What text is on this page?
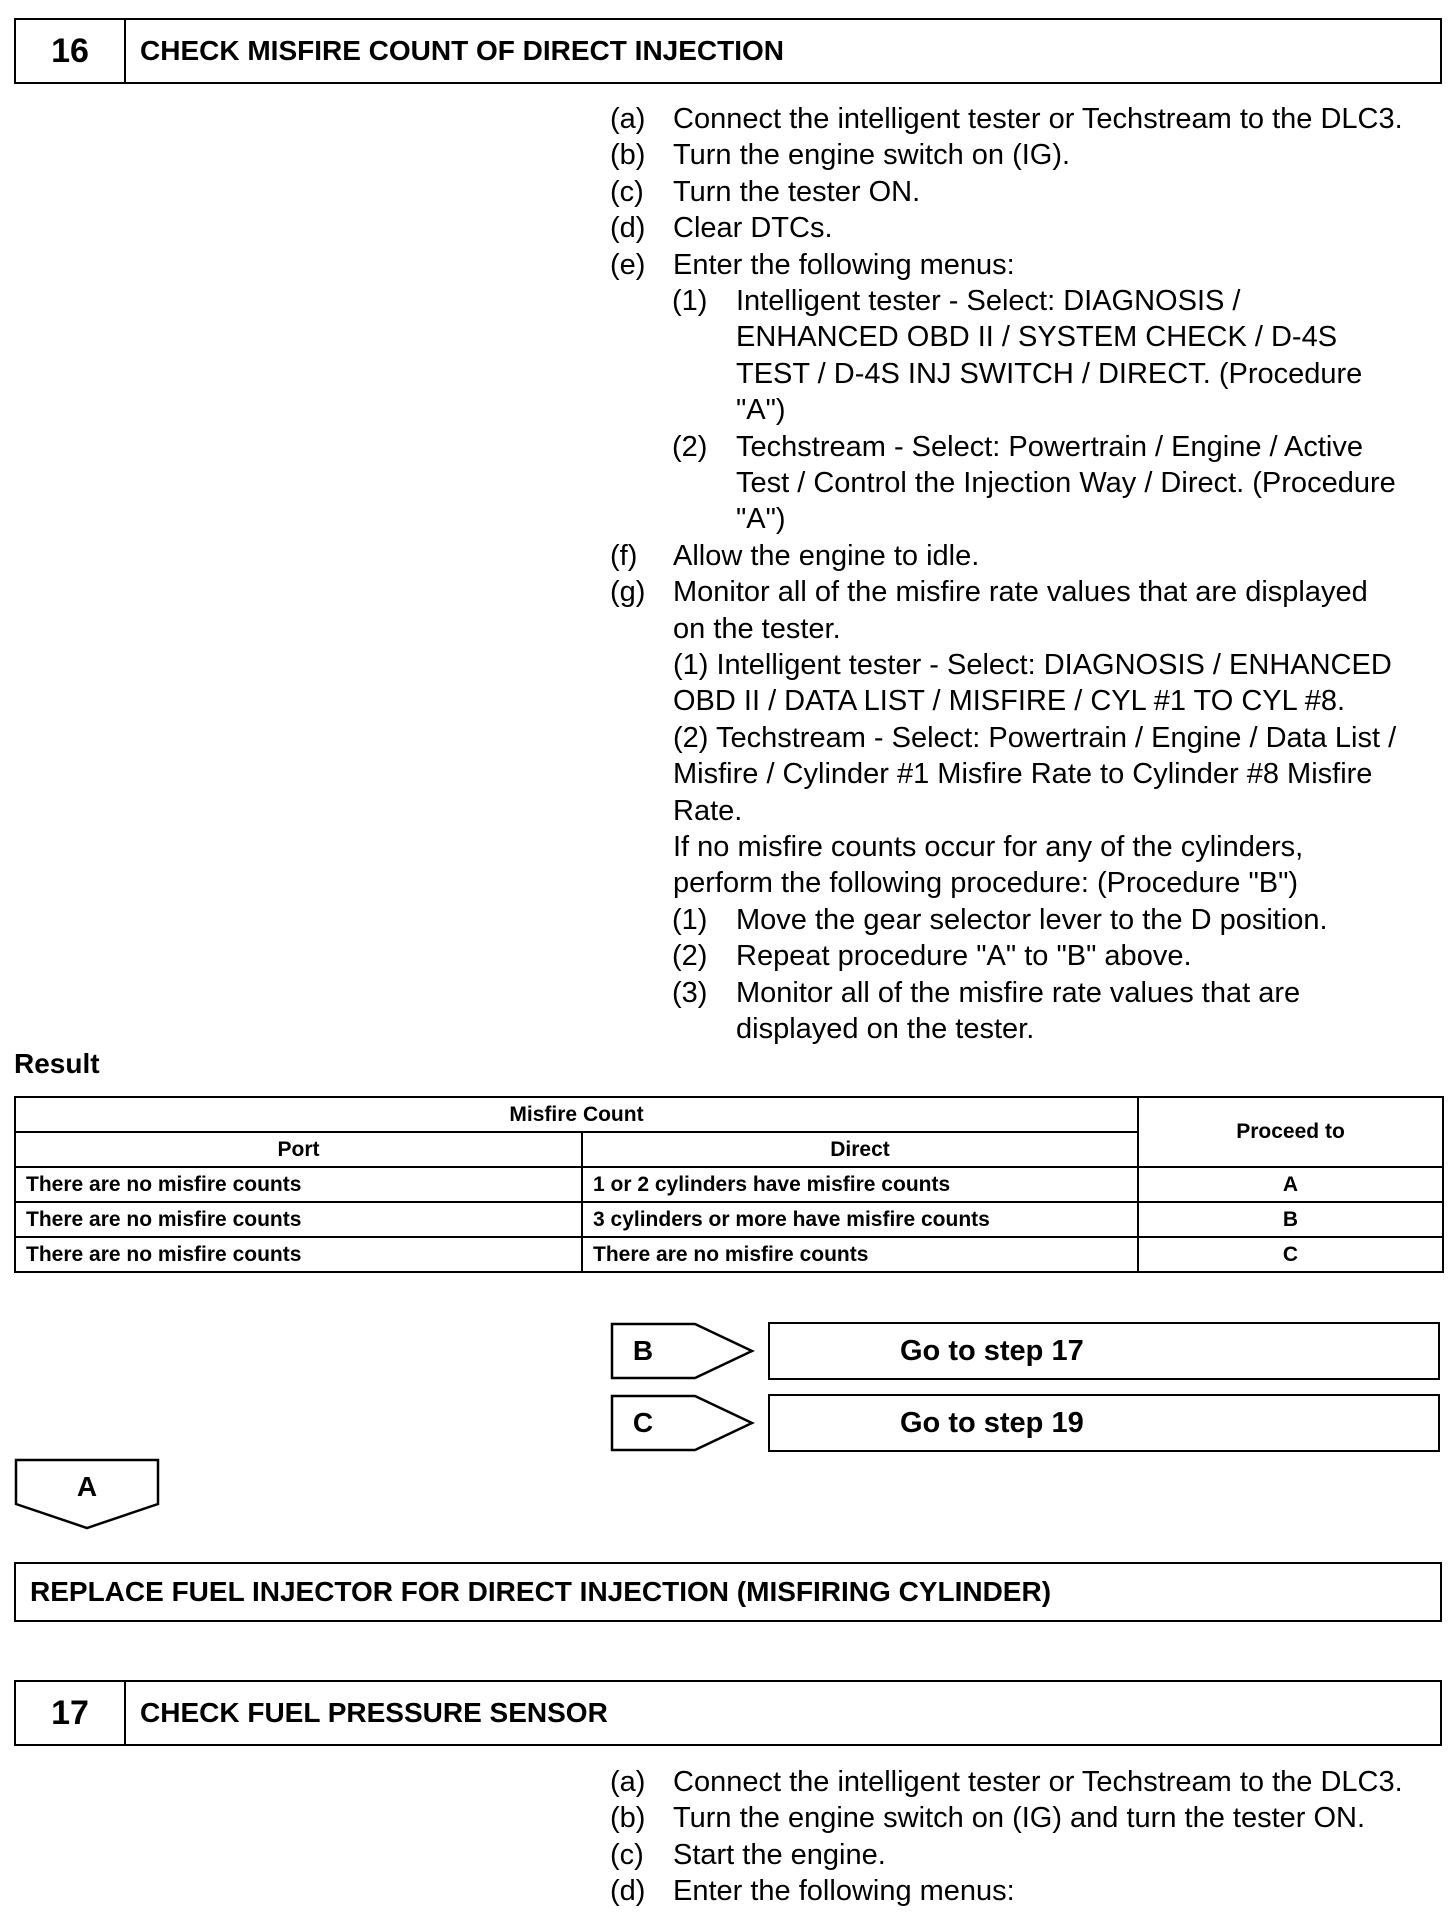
16	CHECK MISFIRE COUNT OF DIRECT INJECTION
(a) Connect the intelligent tester or Techstream to the DLC3.
(b) Turn the engine switch on (IG).
(c) Turn the tester ON.
(d) Clear DTCs.
(e) Enter the following menus:
(1) Intelligent tester - Select: DIAGNOSIS /
ENHANCED OBD II / SYSTEM CHECK / D-4S
TEST / D-4S INJ SWITCH / DIRECT. (Procedure
"A")
(2) Techstream - Select: Powertrain / Engine / Active
Test / Control the Injection Way / Direct. (Procedure
"A")
(f) Allow the engine to idle.
(g) Monitor all of the misfire rate values that are displayed
on the tester.
(1) Intelligent tester - Select: DIAGNOSIS / ENHANCED
OBD II / DATA LIST / MISFIRE / CYL #1 TO CYL #8.
(2) Techstream - Select: Powertrain / Engine / Data List /
Misfire / Cylinder #1 Misfire Rate to Cylinder #8 Misfire
Rate.
If no misfire counts occur for any of the cylinders,
perform the following procedure: (Procedure "B")
(1) Move the gear selector lever to the D position.
(2) Repeat procedure "A" to "B" above.
(3) Monitor all of the misfire rate values that are
displayed on the tester.
Result
Misfire Count		Proceed to
Port	Direct	
There are no misfire counts	1 or 2 cylinders have misfire counts	A
There are no misfire counts	3 cylinders or more have misfire counts	B
There are no misfire counts	There are no misfire counts	C
B	Go to step 17
C	Go to step 19
A
REPLACE FUEL INJECTOR FOR DIRECT INJECTION (MISFIRING CYLINDER)
17	CHECK FUEL PRESSURE SENSOR
(a) Connect the intelligent tester or Techstream to the DLC3.
(b) Turn the engine switch on (IG) and turn the tester ON.
(c) Start the engine.
(d) Enter the following menus:
